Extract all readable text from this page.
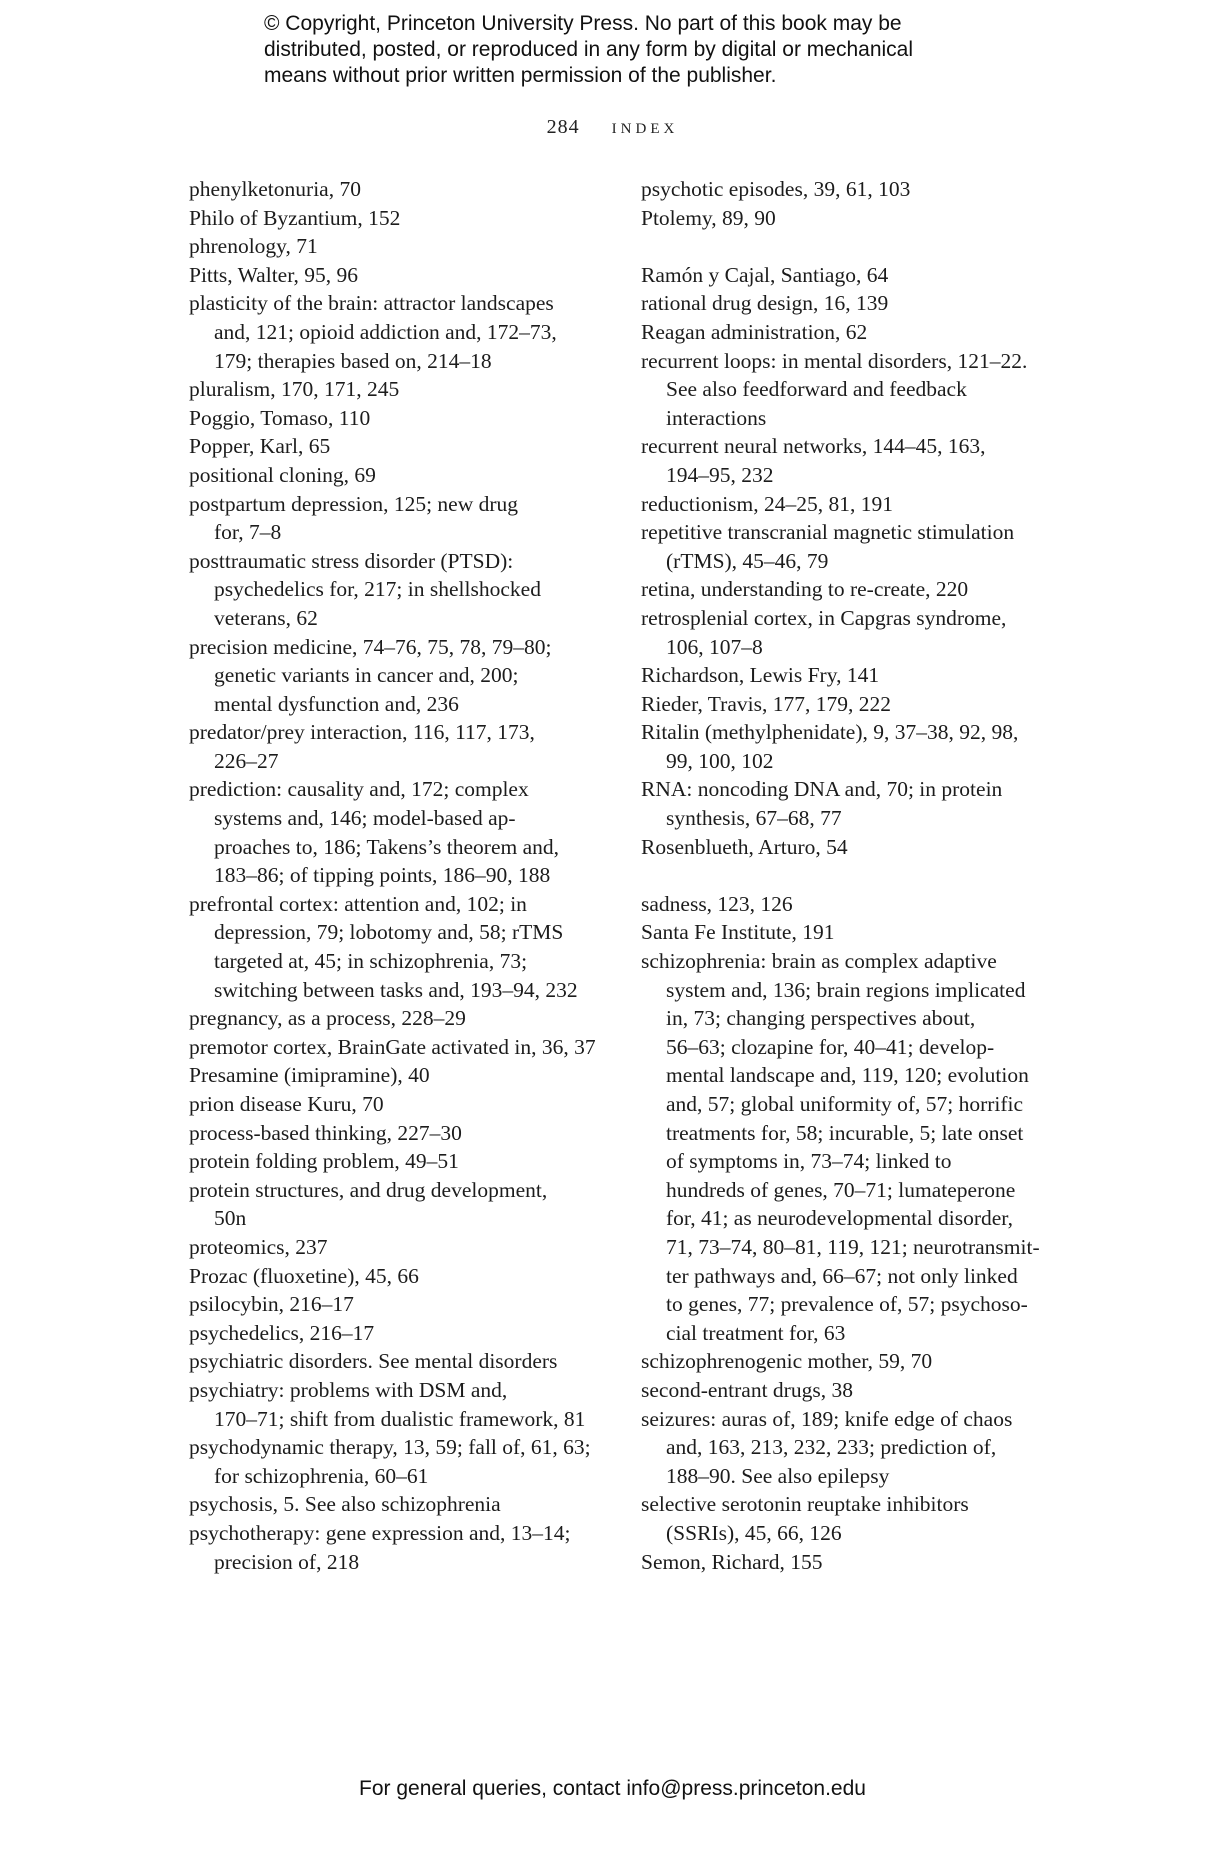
© Copyright, Princeton University Press. No part of this book may be

distributed, posted, or reproduced in any form by digital or mechanical

means without prior written permission of the publisher.

284 index
phenylketonuria, 70
Philo of Byzantium, 152
phrenology, 71
Pitts, Walter, 95, 96
plasticity of the brain: attractor landscapes
and, 121; opioid addiction and, 172–73,
179; therapies based on, 214–18
pluralism, 170, 171, 245
Poggio, Tomaso, 110
Popper, Karl, 65
positional cloning, 69
postpartum depression, 125; new drug
for, 7–8
posttraumatic stress disorder (PTSD):
psychedelics for, 217; in shellshocked
veterans, 62
precision medicine, 74–76, 75, 78, 79–80;
genetic variants in cancer and, 200;
mental dysfunction and, 236
predator/prey interaction, 116, 117, 173,
226–27
prediction: causality and, 172; complex
systems and, 146; model-based ap-
proaches to, 186; Takens’s theorem and,
183–86; of tipping points, 186–90, 188
prefrontal cortex: attention and, 102; in
depression, 79; lobotomy and, 58; rTMS
targeted at, 45; in schizophrenia, 73;
switching between tasks and, 193–94, 232
pregnancy, as a process, 228–29
premotor cortex, BrainGate activated in, 36, 37
Presamine (imipramine), 40
prion disease Kuru, 70
process-based thinking, 227–30
protein folding problem, 49–51
protein structures, and drug development,
50n
proteomics, 237
Prozac (fluoxetine), 45, 66
psilocybin, 216–17
psychedelics, 216–17
psychiatric disorders. See mental disorders
psychiatry: problems with DSM and,
170–71; shift from dualistic framework, 81
psychodynamic therapy, 13, 59; fall of, 61, 63;
for schizophrenia, 60–61
psychosis, 5. See also schizophrenia
psychotherapy: gene expression and, 13–14;
precision of, 218
psychotic episodes, 39, 61, 103
Ptolemy, 89, 90
Ramón y Cajal, Santiago, 64
rational drug design, 16, 139
Reagan administration, 62
recurrent loops: in mental disorders, 121–22.
See also feedforward and feedback
interactions
recurrent neural networks, 144–45, 163,
194–95, 232
reductionism, 24–25, 81, 191
repetitive transcranial magnetic stimulation
(rTMS), 45–46, 79
retina, understanding to re-create, 220
retrosplenial cortex, in Capgras syndrome,
106, 107–8
Richardson, Lewis Fry, 141
Rieder, Travis, 177, 179, 222
Ritalin (methylphenidate), 9, 37–38, 92, 98,
99, 100, 102
RNA: noncoding DNA and, 70; in protein
synthesis, 67–68, 77
Rosenblueth, Arturo, 54
sadness, 123, 126
Santa Fe Institute, 191
schizophrenia: brain as complex adaptive
system and, 136; brain regions implicated
in, 73; changing perspectives about,
56–63; clozapine for, 40–41; develop-
mental landscape and, 119, 120; evolution
and, 57; global uniformity of, 57; horrific
treatments for, 58; incurable, 5; late onset
of symptoms in, 73–74; linked to
hundreds of genes, 70–71; lumateperone
for, 41; as neurodevelopmental disorder,
71, 73–74, 80–81, 119, 121; neurotransmit-
ter pathways and, 66–67; not only linked
to genes, 77; prevalence of, 57; psychoso-
cial treatment for, 63
schizophrenogenic mother, 59, 70
second-entrant drugs, 38
seizures: auras of, 189; knife edge of chaos
and, 163, 213, 232, 233; prediction of,
188–90. See also epilepsy
selective serotonin reuptake inhibitors
(SSRIs), 45, 66, 126
Semon, Richard, 155
For general queries, contact info@press.princeton.edu
